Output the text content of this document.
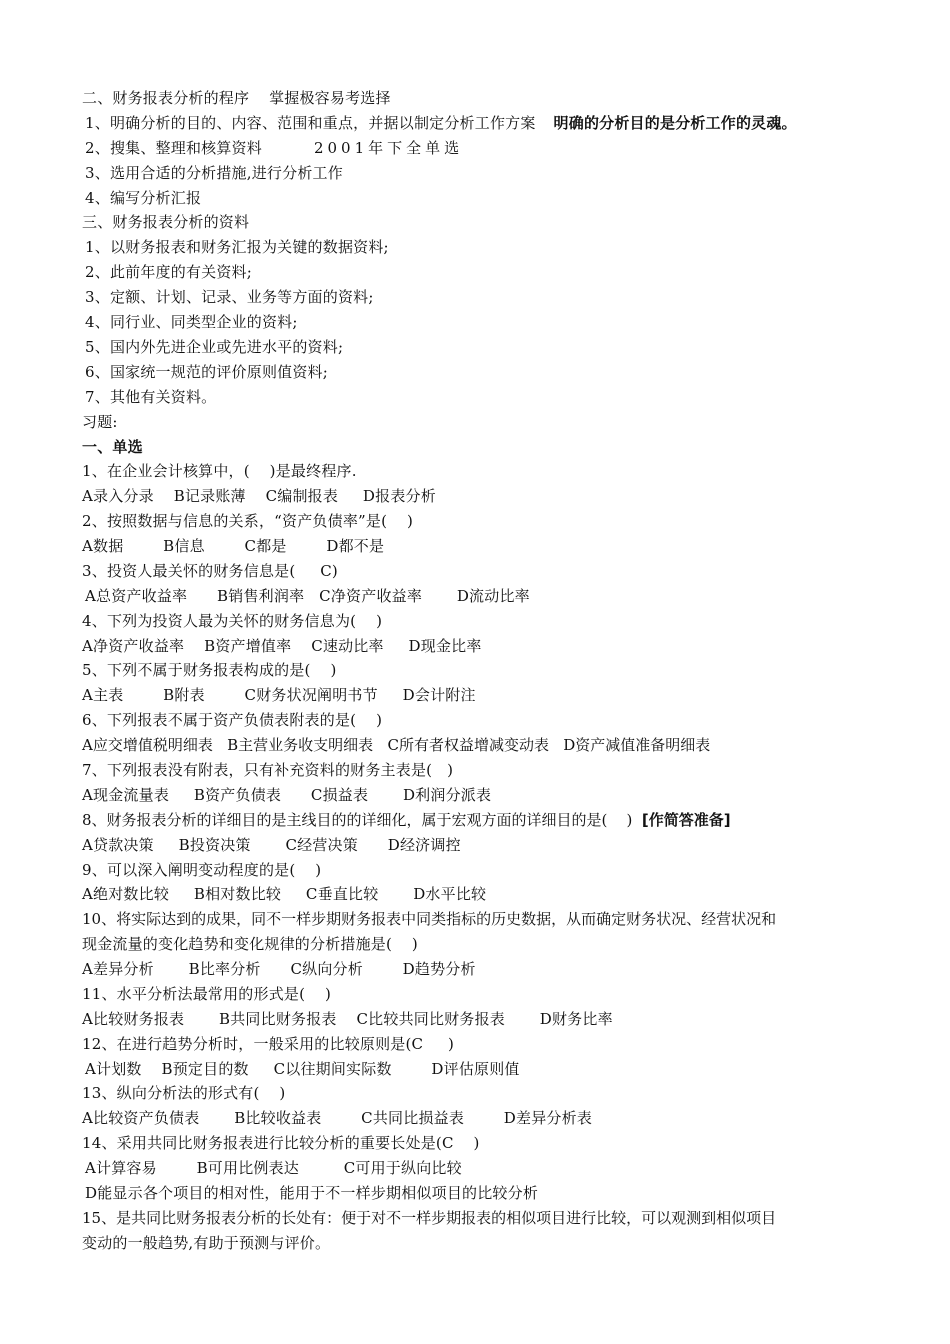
二、财务报表分析的程序    掌握极容易考选择
1、明确分析的目的、内容、范围和重点，并据以制定分析工作方案 明确的分析目的是分析工作的灵魂。
2、搜集、整理和核算资料	2001年下全单选
3、选用合适的分析措施,进行分析工作
4、编写分析汇报
三、财务报表分析的资料
1、以财务报表和财务汇报为关键的数据资料;
2、此前年度的有关资料;
3、定额、计划、记录、业务等方面的资料;
4、同行业、同类型企业的资料;
5、国内外先进企业或先进水平的资料;
6、国家统一规范的评价原则值资料;
7、其他有关资料。
习题:
一、单选
1、在企业会计核算中，(    )是最终程序.
A录入分录    B记录账薄    C编制报表     D报表分析
2、按照数据与信息的关系，“资产负债率”是(    )
A数据        B信息        C都是        D都不是
3、投资人最关怀的财务信息是(     C)
A总资产收益率      B销售利润率   C净资产收益率       D流动比率
4、下列为投资人最为关怀的财务信息为(    )
A净资产收益率    B资产增值率    C速动比率     D现金比率
5、下列不属于财务报表构成的是(    )
A主表        B附表        C财务状况阐明书节     D会计附注
6、下列报表不属于资产负债表附表的是(    )
A应交增值税明细表   B主营业务收支明细表   C所有者权益增减变动表   D资产减值准备明细表
7、下列报表没有附表，只有补充资料的财务主表是(   )
A现金流量表     B资产负债表      C损益表       D利润分派表
8、财务报表分析的详细目的是主线目的的详细化，属于宏观方面的详细目的是(    )  [作简答准备]
A贷款决策     B投资决策       C经营决策      D经济调控
9、可以深入阐明变动程度的是(    )
A绝对数比较     B相对数比较     C垂直比较       D水平比较
10、将实际达到的成果，同不一样步期财务报表中同类指标的历史数据，从而确定财务状况、经营状况和
现金流量的变化趋势和变化规律的分析措施是(    )
A差异分析       B比率分析      C纵向分析        D趋势分析
11、水平分析法最常用的形式是(    )
A比较财务报表       B共同比财务报表    C比较共同比财务报表       D财务比率
12、在进行趋势分析时，一般采用的比较原则是(C     )
A计划数    B预定目的数     C以往期间实际数        D评估原则值
13、纵向分析法的形式有(    )
A比较资产负债表       B比较收益表        C共同比损益表        D差异分析表
14、采用共同比财务报表进行比较分析的重要长处是(C    )
A计算容易        B可用比例表达         C可用于纵向比较
D能显示各个项目的相对性，能用于不一样步期相似项目的比较分析
15、是共同比财务报表分析的长处有：便于对不一样步期报表的相似项目进行比较，可以观测到相似项目
变动的一般趋势,有助于预测与评价。
